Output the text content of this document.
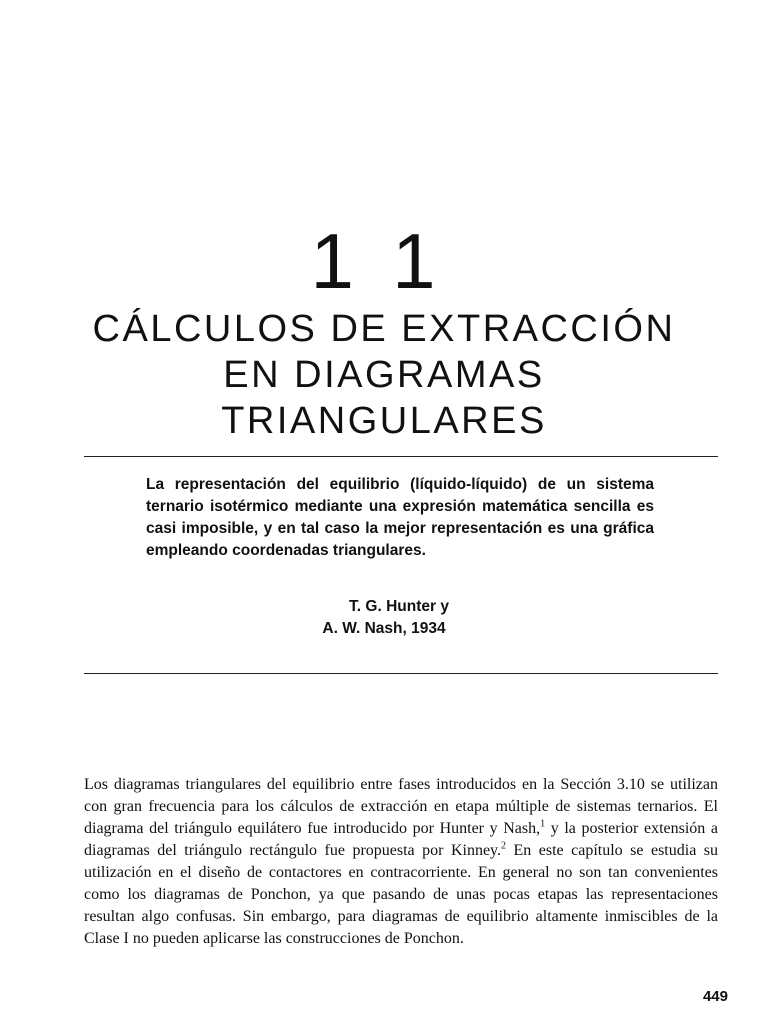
11
CÁLCULOS DE EXTRACCIÓN
EN DIAGRAMAS
TRIANGULARES
La representación del equilibrio (líquido-líquido) de un sistema ternario isotérmico mediante una expresión matemática sencilla es casi imposible, y en tal caso la mejor representación es una gráfica empleando coordenadas triangulares.
T. G. Hunter y
A. W. Nash, 1934

Los diagramas triangulares del equilibrio entre fases introducidos en la Sección 3.10 se utilizan con gran frecuencia para los cálculos de extracción en etapa múltiple de sistemas ternarios. El diagrama del triángulo equilátero fue introducido por Hunter y Nash,$^1$ y la posterior extensión a diagramas del triángulo rectángulo fue propuesta por Kinney.$^2$ En este capítulo se estudia su utilización en el diseño de contactores en contracorriente. En general no son tan convenientes como los diagramas de Ponchon, ya que pasando de unas pocas etapas las representaciones resultan algo confusas. Sin embargo, para diagramas de equilibrio altamente inmiscibles de la Clase I no pueden aplicarse las construcciones de Ponchon.

449
